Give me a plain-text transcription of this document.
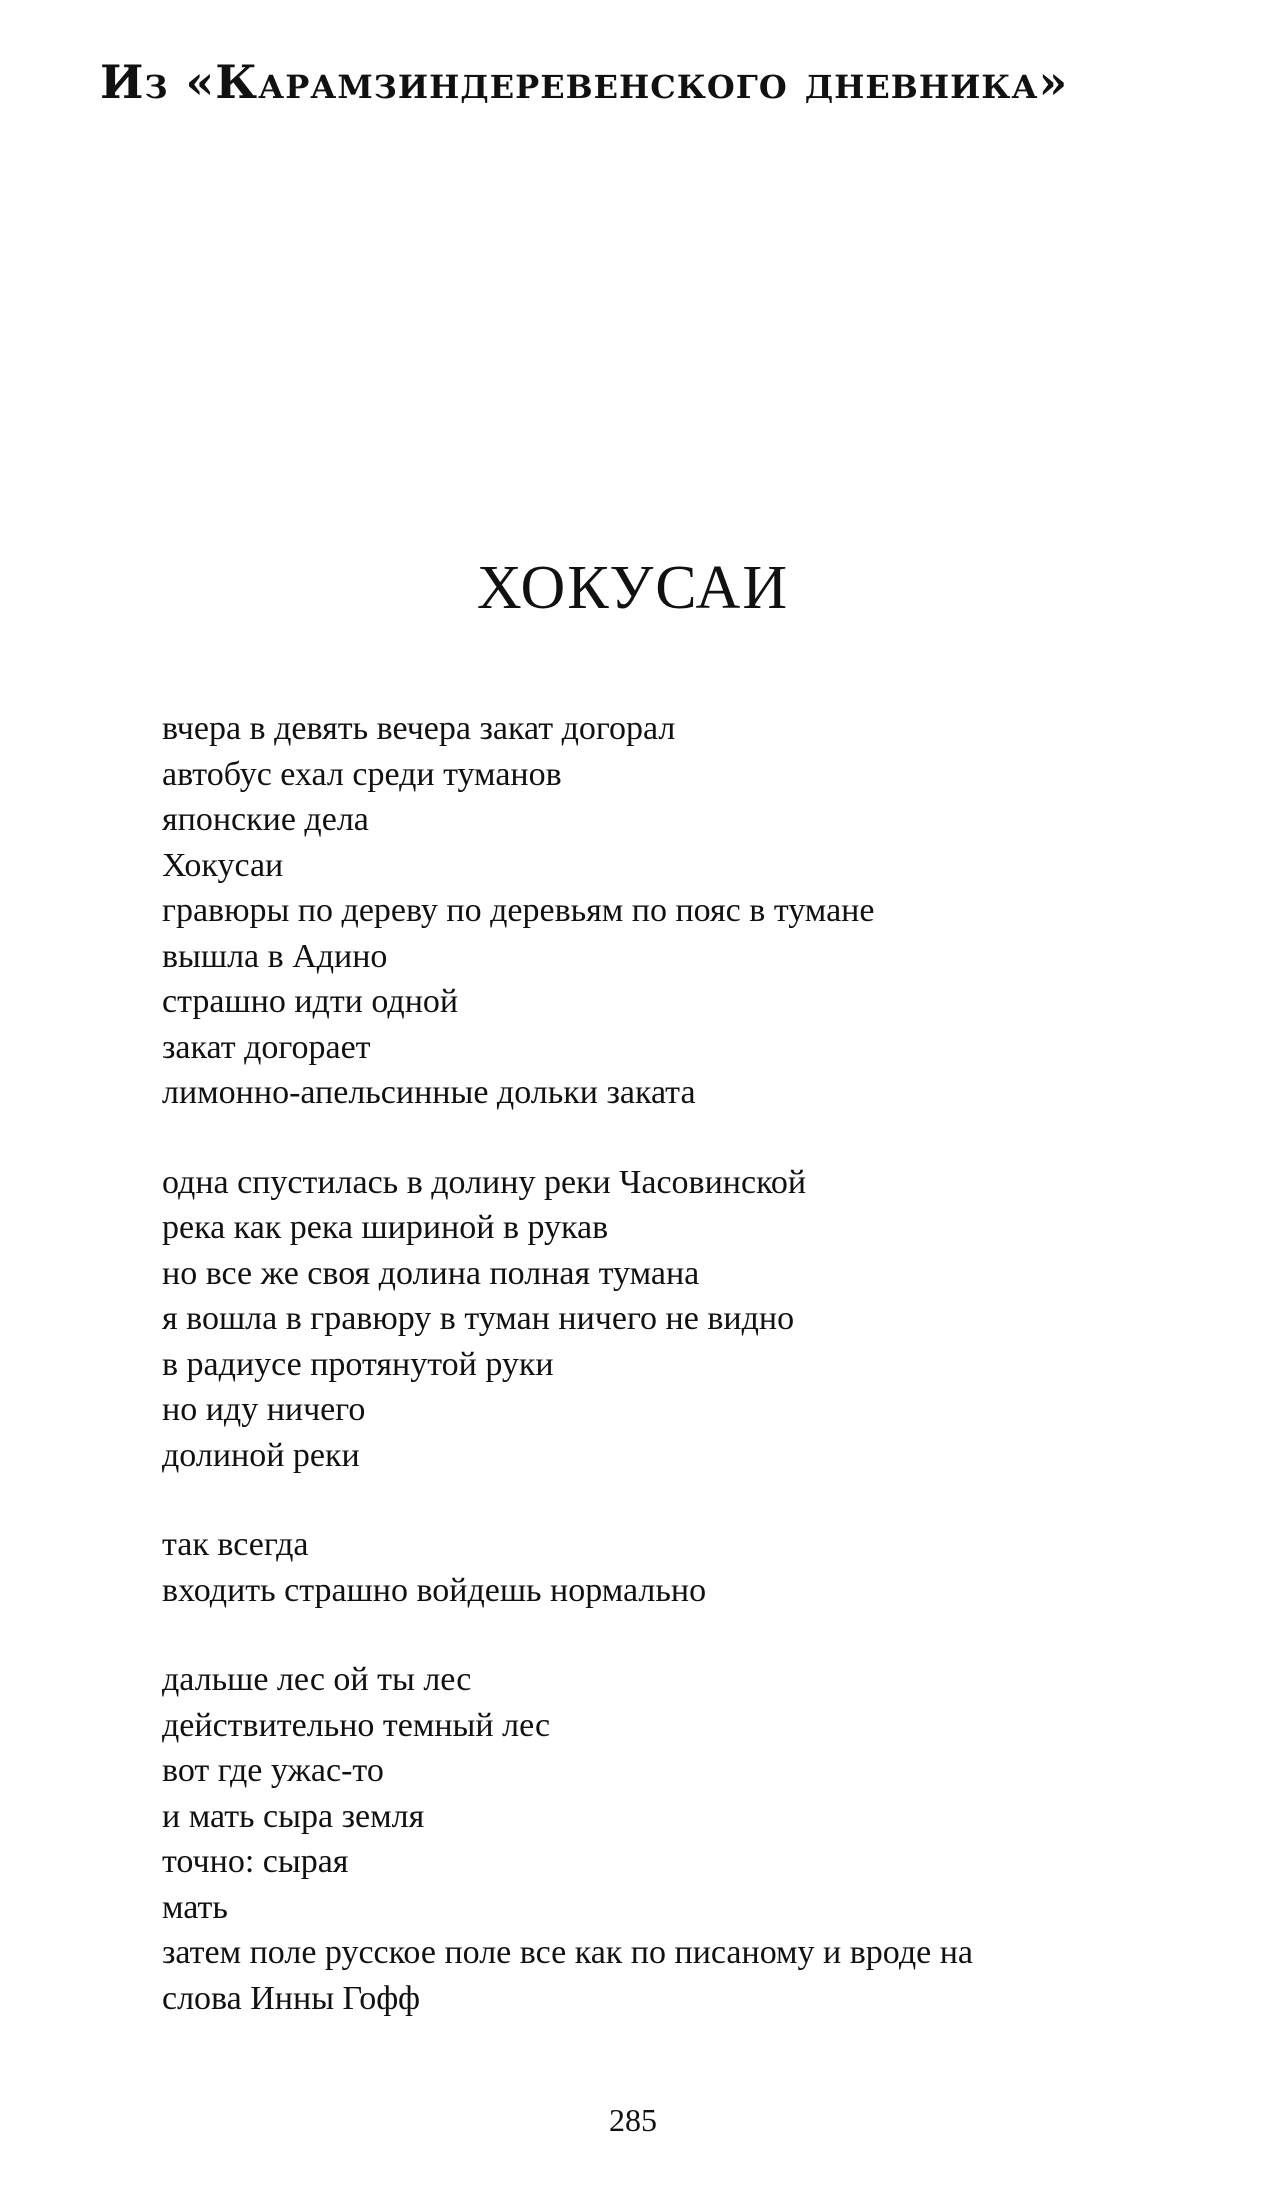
Из «Карамзиндеревенского дневника»
ХОКУСАИ
вчера в девять вечера закат догорал
автобус ехал среди туманов
японские дела
Хокусаи
гравюры по дереву по деревьям по пояс в тумане
вышла в Адино
страшно идти одной
закат догорает
лимонно-апельсинные дольки заката
одна спустилась в долину реки Часовинской
река как река шириной в рукав
но все же своя долина полная тумана
я вошла в гравюру в туман ничего не видно
в радиусе протянутой руки
но иду ничего
долиной реки
так всегда
входить страшно войдешь нормально
дальше лес ой ты лес
действительно темный лес
вот где ужас-то
и мать сыра земля
точно: сырая
мать
затем поле русское поле все как по писаному и вроде на
слова Инны Гофф
285
